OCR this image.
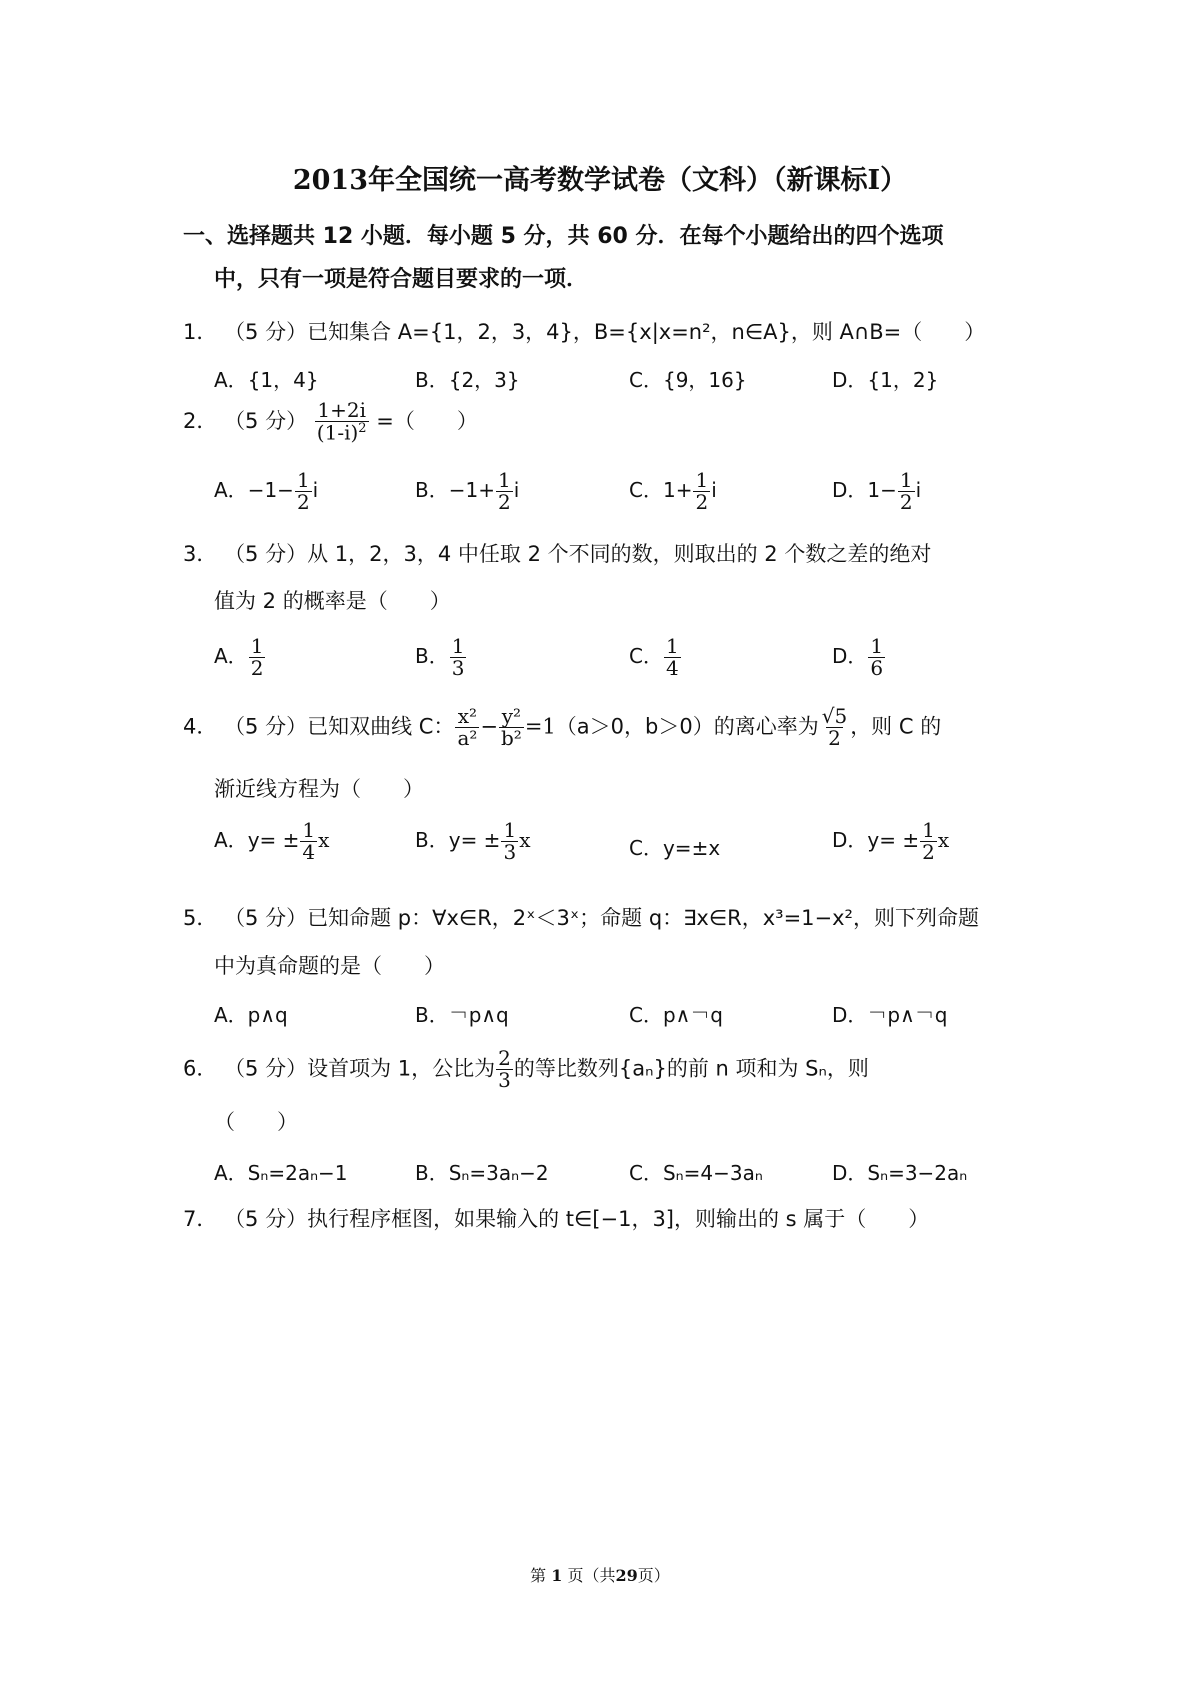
2013年全国统一高考数学试卷（文科）（新课标Ⅰ）
一、选择题共 12 小题．每小题 5 分，共 60 分．在每个小题给出的四个选项
中，只有一项是符合题目要求的一项．
1． （5 分）已知集合 A={1，2，3，4}，B={x|x=n²，n∈A}，则 A∩B=（　　）
A．{1，4}	B．{2，3}	C．{9，16}	D．{1，2}
2． （5 分） $\frac{1+2i}{(1-i)^2}$ =（　　）
A．$-1- \frac{1}{2}$ i	B．$-1+ \frac{1}{2}$ i	C．$1+ \frac{1}{2}$ i	D．$1- \frac{1}{2}$ i
3． （5 分）从 1，2，3，4 中任取 2 个不同的数，则取出的 2 个数之差的绝对
值为 2 的概率是（　　）
A． $\frac{1}{2}$	B． $\frac{1}{3}$	C． $\frac{1}{4}$	D． $\frac{1}{6}$
4． （5 分）已知双曲线 C： $\frac{\text{x²}}{\text{a²}} - \frac{\text{y²}}{\text{b²}} =1(a>0$，b＞0）的离心率为 $\frac{√5}{2}$ ，则 C 的
渐近线方程为（　　）
A．$y= \pm \frac{1}{4}$ x	B．$y= \pm \frac{1}{3}$ x	C．y=±x	D．$y= \pm \frac{1}{2}$ x
5． （5 分）已知命题 p：∀x∈R，2ˣ＜3ˣ；命题 q：∃x∈R，x³=1−x²，则下列命题
中为真命题的是（　　）
A．p∧q	B．￢p∧q	C．p∧￢q	D．￢p∧￢q
6． （5 分）设首项为 1，公比为 $\frac{2}{3}$ 的等比数列{aₙ}的前 n 项和为 Sₙ，则
（　　）
A．Sₙ=2aₙ−1	B．Sₙ=3aₙ−2	C．Sₙ=4−3aₙ	D．Sₙ=3−2aₙ
7． （5 分）执行程序框图，如果输入的 t∈[−1，3]，则输出的 s 属于（　　）
第 1 页（共29页）
